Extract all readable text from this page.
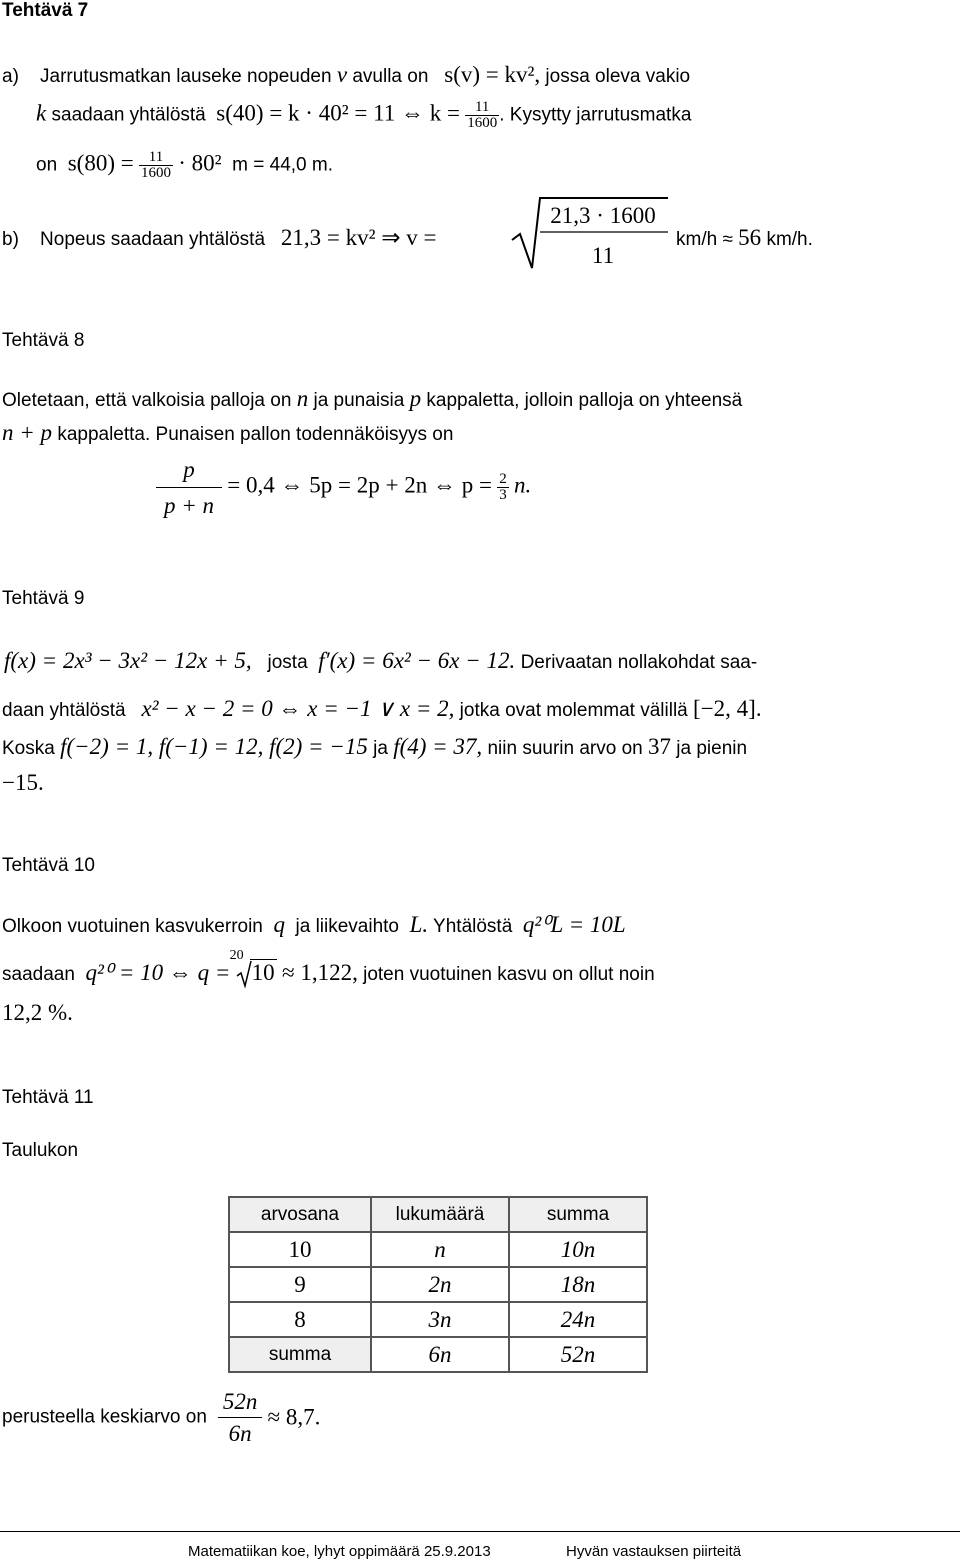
Tehtävä 7
a) Jarrutusmatkan lauseke nopeuden v avulla on s(v) = kv², jossa oleva vakio
k saadaan yhtälöstä s(40) = k · 40² = 11 ⇔ $k = \frac{11}{1600}$ . Kysytty jarrutusmatka
on $s(80) = \frac{11}{1600} \cdot 80^2$ m = 44,0 m.
b) Nopeus saadaan yhtälöstä 21,3 = kv² ⇒ v =
21,3 · 1600
11
km/h ≈ 56 km/h.
Tehtävä 8
Oletetaan, että valkoisia palloja on n ja punaisia p kappaletta, jolloin palloja on yhteensä
n + p kappaletta. Punaisen pallon todennäköisyys on
$\frac{p}{p + n} = 0,4$ ⇔ 5p = 2p + 2n ⇔ $p = \frac{2}{3} n$.
Tehtävä 9
f(x) = 2x³ − 3x² − 12x + 5, josta f′(x) = 6x² − 6x − 12. Derivaatan nollakohdat saa-
daan yhtälöstä x² − x − 2 = 0 ⇔ x = −1 ∨ x = 2, jotka ovat molemmat välillä [−2, 4].
Koska f(−2) = 1, f(−1) = 12, f(2) = −15 ja f(4) = 37, niin suurin arvo on 37 ja pienin
−15.
Tehtävä 10
Olkoon vuotuinen kasvukerroin q ja liikevaihto L. Yhtälöstä q²⁰L = 10L
saadaan q²⁰ = 10 ⇔ q =
20
10 ≈ 1,122, joten vuotuinen kasvu on ollut noin
12,2 %.
Tehtävä 11
Taulukon
arvosana	lukumäärä	summa
10	n	10n
9	2n	18n
8	3n	24n
summa	6n	52n
perusteella keskiarvo on $\frac{52n}{6n} \approx 8,7$.
Matematiikan koe, lyhyt oppimäärä 25.9.2013	Hyvän vastauksen piirteitä
